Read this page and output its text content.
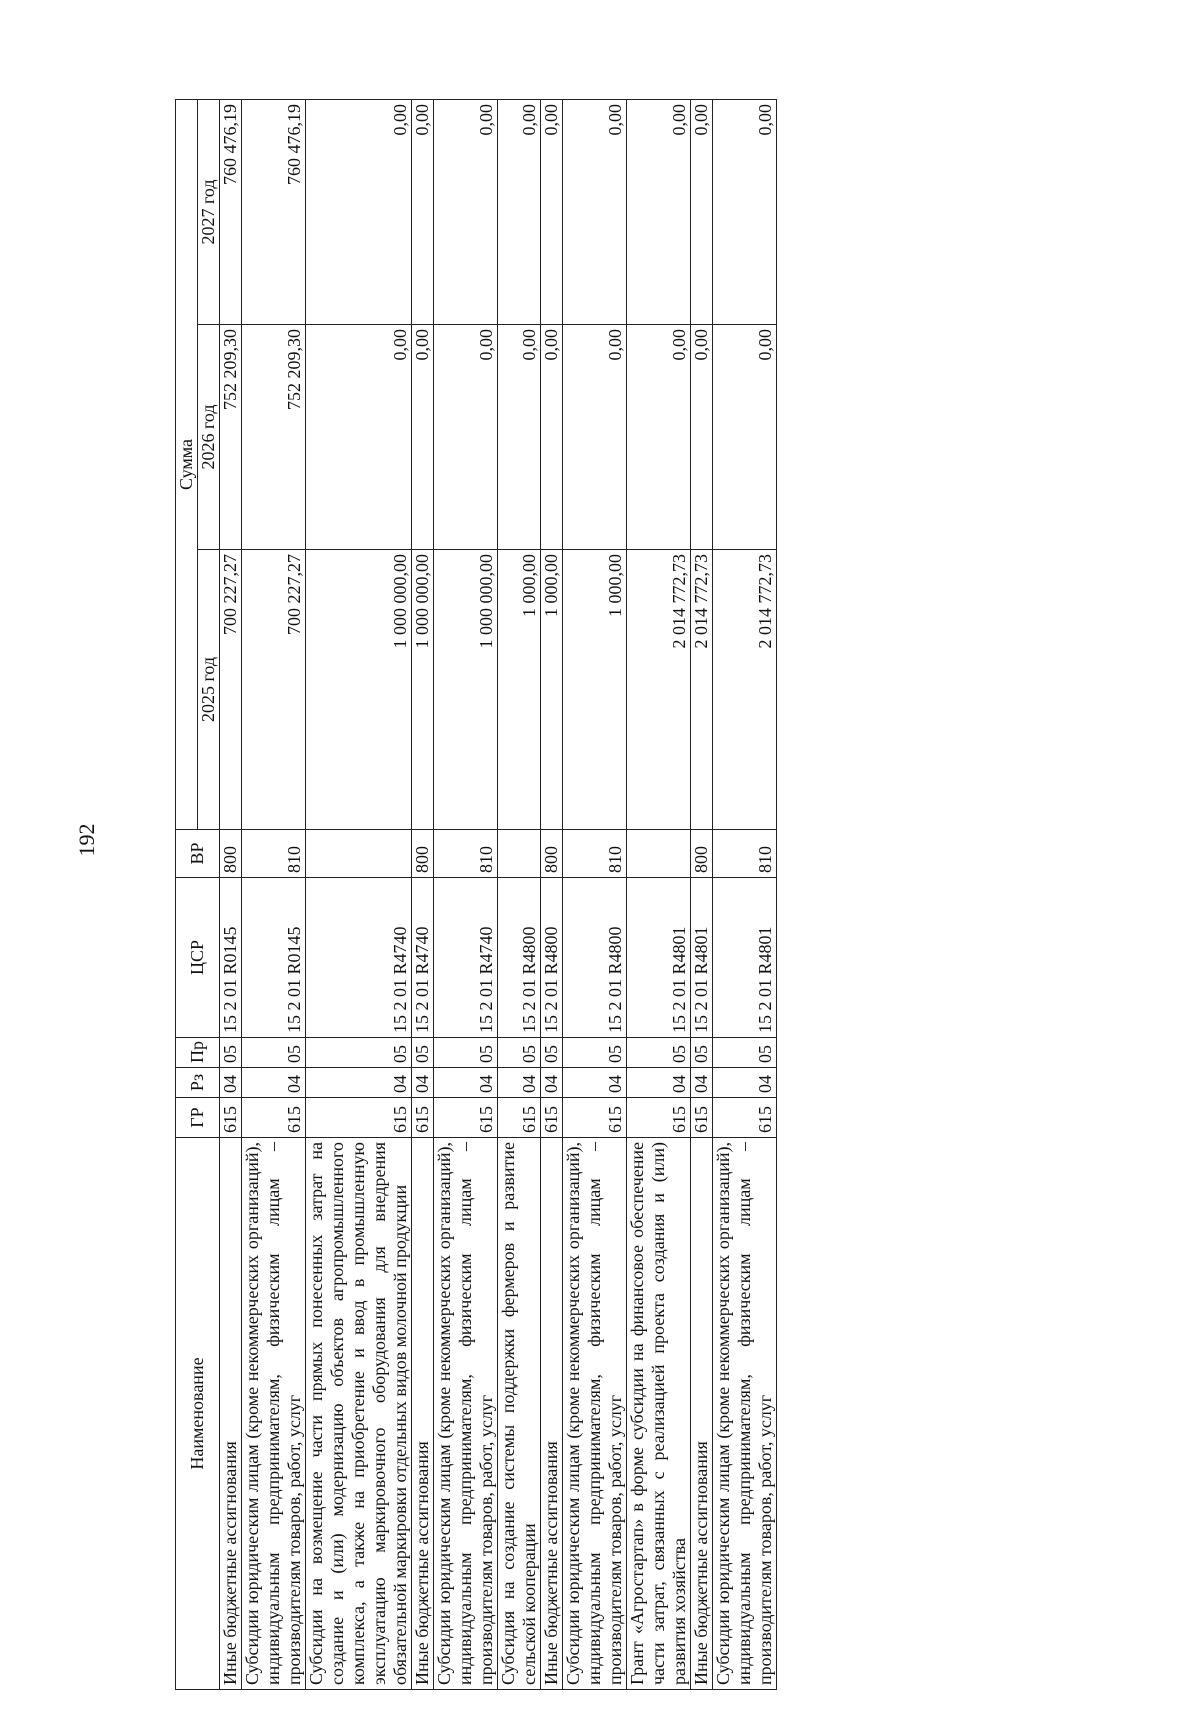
192
Наименование	ГР	Рз	Пр	ЦСР	ВР	Сумма		
						2025 год	2026 год	2027 год
Иные бюджетные ассигнования	615	04	05	15 2 01 R0145	800	700 227,27	752 209,30	760 476,19
Субсидии юридическим лицам (кроме некоммерческих организаций), индивидуальным предпринимателям, физическим лицам – производителям товаров, работ, услуг	615	04	05	15 2 01 R0145	810	700 227,27	752 209,30	760 476,19
Субсидии на возмещение части прямых понесенных затрат на создание и (или) модернизацию объектов агропромышленного комплекса, а также на приобретение и ввод в промышленную эксплуатацию маркировочного оборудования для внедрения обязательной маркировки отдельных видов молочной продукции	615	04	05	15 2 01 R4740		1 000 000,00	0,00	0,00
Иные бюджетные ассигнования	615	04	05	15 2 01 R4740	800	1 000 000,00	0,00	0,00
Субсидии юридическим лицам (кроме некоммерческих организаций), индивидуальным предпринимателям, физическим лицам – производителям товаров, работ, услуг	615	04	05	15 2 01 R4740	810	1 000 000,00	0,00	0,00
Субсидия на создание системы поддержки фермеров и развитие сельской кооперации	615	04	05	15 2 01 R4800		1 000,00	0,00	0,00
Иные бюджетные ассигнования	615	04	05	15 2 01 R4800	800	1 000,00	0,00	0,00
Субсидии юридическим лицам (кроме некоммерческих организаций), индивидуальным предпринимателям, физическим лицам – производителям товаров, работ, услуг	615	04	05	15 2 01 R4800	810	1 000,00	0,00	0,00
Грант «Агростартап» в форме субсидии на финансовое обеспечение части затрат, связанных с реализацией проекта создания и (или) развития хозяйства	615	04	05	15 2 01 R4801		2 014 772,73	0,00	0,00
Иные бюджетные ассигнования	615	04	05	15 2 01 R4801	800	2 014 772,73	0,00	0,00
Субсидии юридическим лицам (кроме некоммерческих организаций), индивидуальным предпринимателям, физическим лицам – производителям товаров, работ, услуг	615	04	05	15 2 01 R4801	810	2 014 772,73	0,00	0,00
